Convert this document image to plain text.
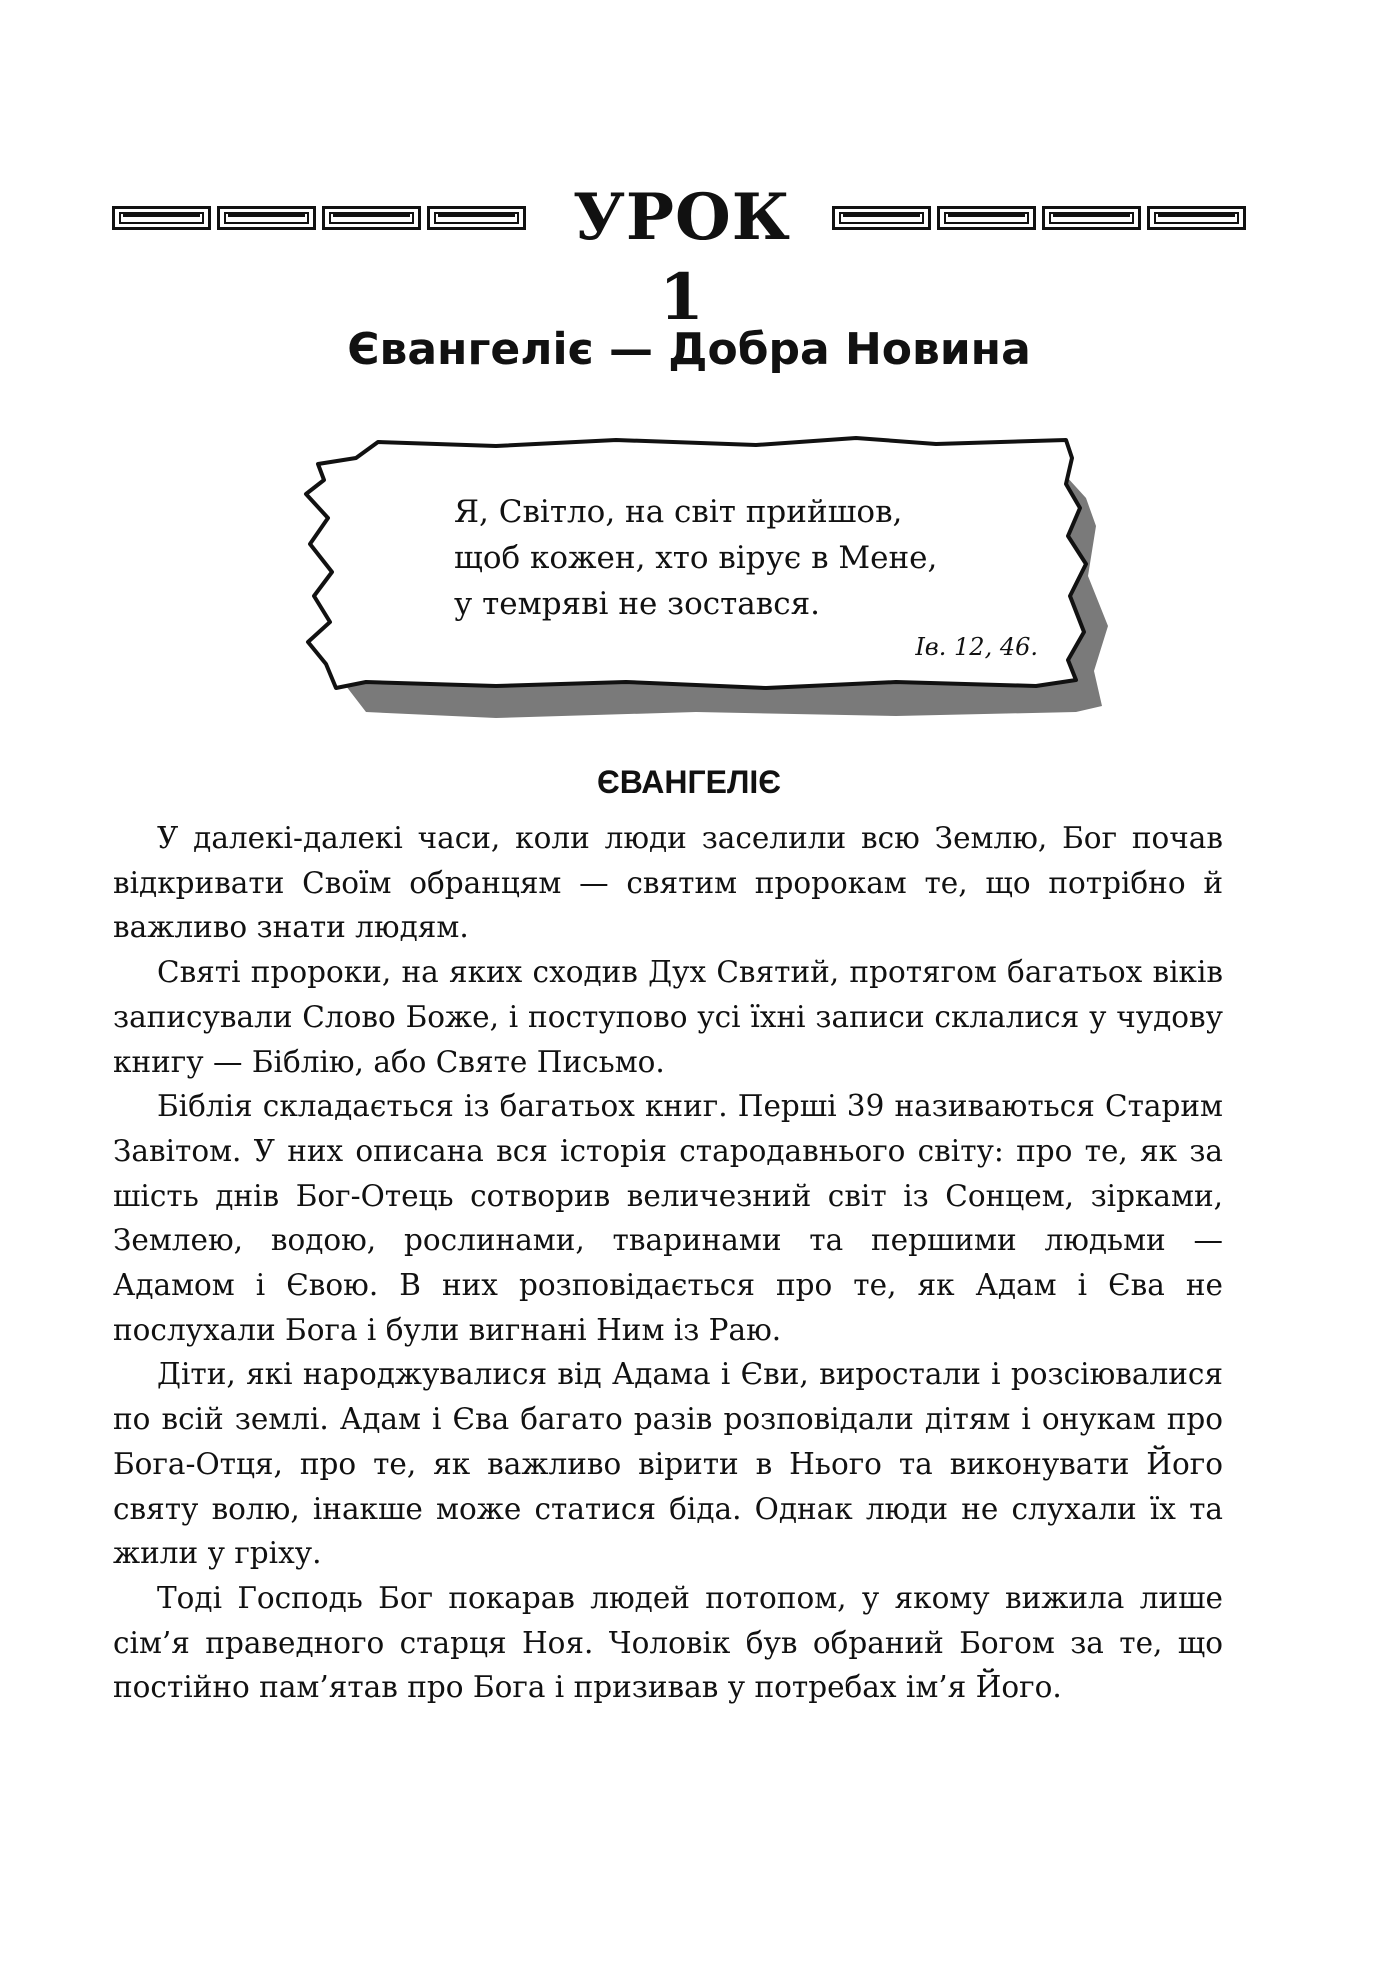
УРОК 1
Євангеліє — Добра Новина
Я, Світло, на світ прийшов,
щоб кожен, хто вірує в Мене,
у темряві не зостався.
Ів. 12, 46.
ЄВАНГЕЛІЄ

У далекі-далекі часи, коли люди заселили всю Землю, Бог почав відкривати Своїм обранцям — святим пророкам те, що потрібно й важливо знати людям.

Святі пророки, на яких сходив Дух Святий, протягом багатьох віків записували Слово Боже, і поступово усі їхні записи склалися у чудову книгу — Біблію, або Святе Письмо.

Біблія складається із багатьох книг. Перші 39 називаються Старим Завітом. У них описана вся історія стародавнього світу: про те, як за шість днів Бог-Отець сотворив величезний світ із Сонцем, зірками, Землею, водою, рослинами, тваринами та першими людьми — Адамом і Євою. В них розповідається про те, як Адам і Єва не послухали Бога і були вигнані Ним із Раю.

Діти, які народжувалися від Адама і Єви, виростали і розсіювалися по всій землі. Адам і Єва багато разів розповідали дітям і онукам про Бога-Отця, про те, як важливо вірити в Нього та виконувати Його святу волю, інакше може статися біда. Однак люди не слухали їх та жили у гріху.

Тоді Господь Бог покарав людей потопом, у якому вижила лише сім’я праведного старця Ноя. Чоловік був обраний Богом за те, що постійно пам’ятав про Бога і призивав у потребах ім’я Його.
